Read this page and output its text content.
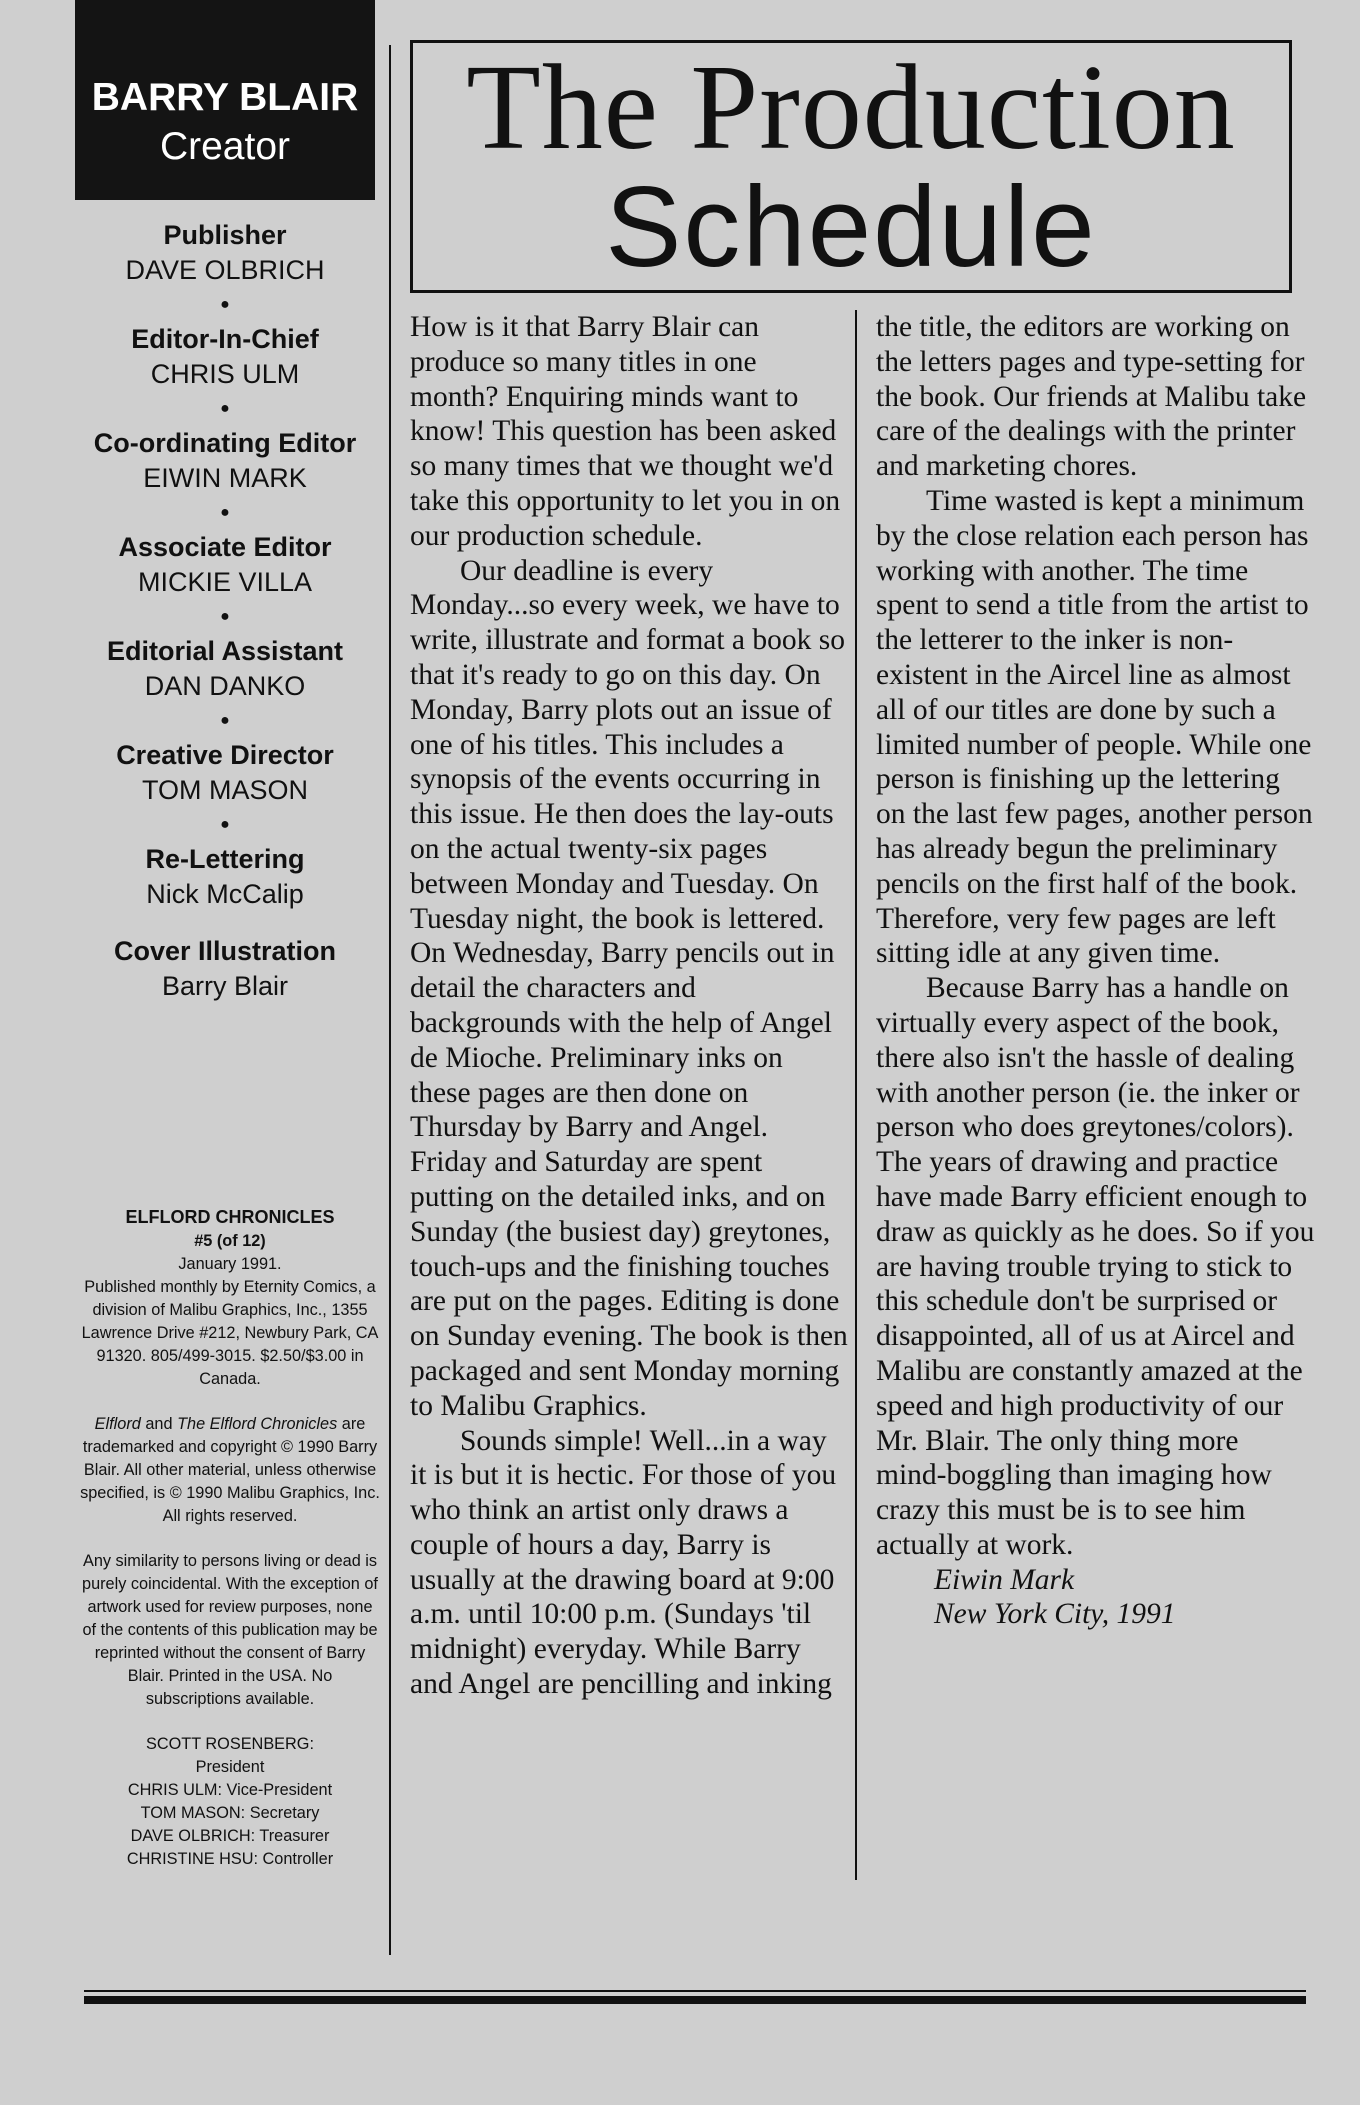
BARRY BLAIR
Creator
Publisher
DAVE OLBRICH
●
Editor-In-Chief
CHRIS ULM
●
Co-ordinating Editor
EIWIN MARK
●
Associate Editor
MICKIE VILLA
●
Editorial Assistant
DAN DANKO
●
Creative Director
TOM MASON
●
Re-Lettering
Nick McCalip
Cover Illustration
Barry Blair

ELFLORD CHRONICLES
#5 (of 12)
January 1991.
Published monthly by Eternity Comics, a division of Malibu Graphics, Inc., 1355 Lawrence Drive #212, Newbury Park, CA 91320. 805/499-3015. $2.50/$3.00 in Canada.

Elflord and The Elflord Chronicles are trademarked and copyright © 1990 Barry Blair. All other material, unless otherwise specified, is © 1990 Malibu Graphics, Inc. All rights reserved.

Any similarity to persons living or dead is purely coincidental. With the exception of artwork used for review purposes, none of the contents of this publication may be reprinted without the consent of Barry Blair. Printed in the USA. No subscriptions available.

SCOTT ROSENBERG:

President

CHRIS ULM: Vice-President

TOM MASON: Secretary

DAVE OLBRICH: Treasurer

CHRISTINE HSU: Controller

The Production
Schedule

How is it that Barry Blair can produce so many titles in one month? Enquiring minds want to know! This question has been asked so many times that we thought we'd take this opportunity to let you in on our production schedule.

Our deadline is every Monday...so every week, we have to write, illustrate and format a book so that it's ready to go on this day. On Monday, Barry plots out an issue of one of his titles. This includes a synopsis of the events occurring in this issue. He then does the lay-outs on the actual twenty-six pages between Monday and Tuesday. On Tuesday night, the book is lettered. On Wednesday, Barry pencils out in detail the characters and backgrounds with the help of Angel de Mioche. Preliminary inks on these pages are then done on Thursday by Barry and Angel. Friday and Saturday are spent putting on the detailed inks, and on Sunday (the busiest day) greytones, touch-ups and the finishing touches are put on the pages. Editing is done on Sunday evening. The book is then packaged and sent Monday morning to Malibu Graphics.

Sounds simple! Well...in a way it is but it is hectic. For those of you who think an artist only draws a couple of hours a day, Barry is usually at the drawing board at 9:00 a.m. until 10:00 p.m. (Sundays 'til midnight) everyday. While Barry and Angel are pencilling and inking

the title, the editors are working on the letters pages and type-setting for the book. Our friends at Malibu take care of the dealings with the printer and marketing chores.

Time wasted is kept a minimum by the close relation each person has working with another. The time spent to send a title from the artist to the letterer to the inker is non-existent in the Aircel line as almost all of our titles are done by such a limited number of people. While one person is finishing up the lettering on the last few pages, another person has already begun the preliminary pencils on the first half of the book. Therefore, very few pages are left sitting idle at any given time.

Because Barry has a handle on virtually every aspect of the book, there also isn't the hassle of dealing with another person (ie. the inker or person who does greytones/colors). The years of drawing and practice have made Barry efficient enough to draw as quickly as he does. So if you are having trouble trying to stick to this schedule don't be surprised or disappointed, all of us at Aircel and Malibu are constantly amazed at the speed and high productivity of our Mr. Blair. The only thing more mind-boggling than imaging how crazy this must be is to see him actually at work.

Eiwin Mark
New York City, 1991
